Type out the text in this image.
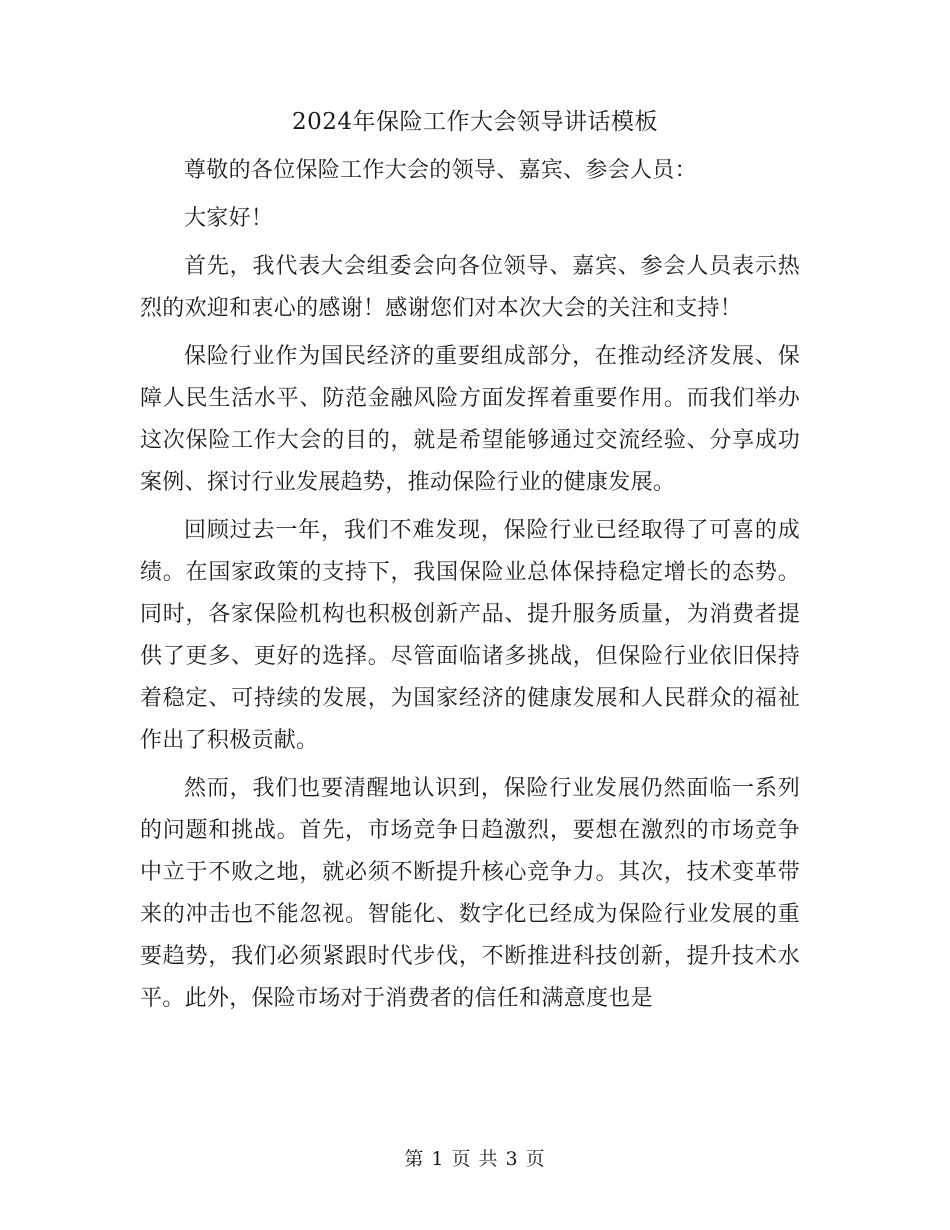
2024年保险工作大会领导讲话模板

尊敬的各位保险工作大会的领导、嘉宾、参会人员：

大家好！

首先，我代表大会组委会向各位领导、嘉宾、参会人员表示热烈的欢迎和衷心的感谢！感谢您们对本次大会的关注和支持！

保险行业作为国民经济的重要组成部分，在推动经济发展、保障人民生活水平、防范金融风险方面发挥着重要作用。而我们举办这次保险工作大会的目的，就是希望能够通过交流经验、分享成功案例、探讨行业发展趋势，推动保险行业的健康发展。

回顾过去一年，我们不难发现，保险行业已经取得了可喜的成绩。在国家政策的支持下，我国保险业总体保持稳定增长的态势。同时，各家保险机构也积极创新产品、提升服务质量，为消费者提供了更多、更好的选择。尽管面临诸多挑战，但保险行业依旧保持着稳定、可持续的发展，为国家经济的健康发展和人民群众的福祉作出了积极贡献。

然而，我们也要清醒地认识到，保险行业发展仍然面临一系列的问题和挑战。首先，市场竞争日趋激烈，要想在激烈的市场竞争中立于不败之地，就必须不断提升核心竞争力。其次，技术变革带来的冲击也不能忽视。智能化、数字化已经成为保险行业发展的重要趋势，我们必须紧跟时代步伐，不断推进科技创新，提升技术水平。此外，保险市场对于消费者的信任和满意度也是

第 1 页 共 3 页
